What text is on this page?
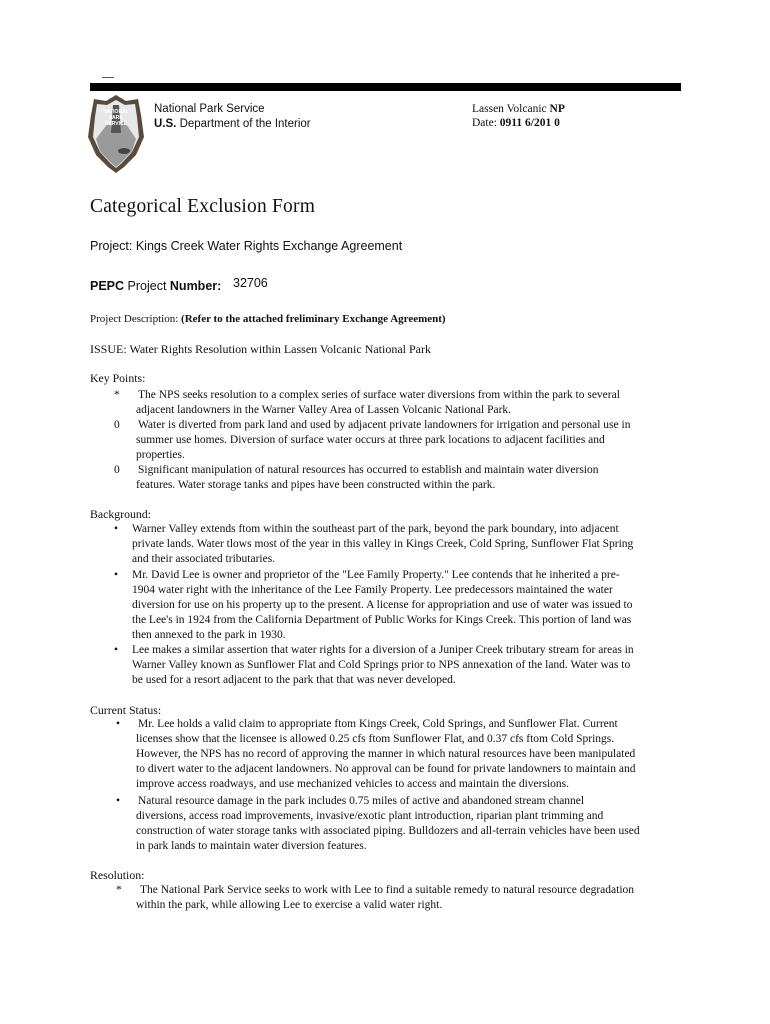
NATIONAL
PARK
SERVICE
National Park Service
U.S. Department of the Interior
Lassen Volcanic NP
Date: 0911 6/201 0
Categorical Exclusion Form
Project: Kings Creek Water Rights Exchange Agreement
PEPC Project Number: 32706
Project Description: (Refer to the attached freliminary Exchange Agreement)
ISSUE: Water Rights Resolution within Lassen Volcanic National Park
Key Points:
* The NPS seeks resolution to a complex series of surface water diversions from within the park to several
adjacent landowners in the Warner Valley Area of Lassen Volcanic National Park.
0 Water is diverted from park land and used by adjacent private landowners for irrigation and personal use in
summer use homes. Diversion of surface water occurs at three park locations to adjacent facilities and
properties.
0 Significant manipulation of natural resources has occurred to establish and maintain water diversion
features. Water storage tanks and pipes have been constructed within the park.
Background:
• Warner Valley extends ftom within the southeast part of the park, beyond the park boundary, into adjacent
private lands. Water tlows most of the year in this valley in Kings Creek, Cold Spring, Sunflower Flat Spring
and their associated tributaries.
• Mr. David Lee is owner and proprietor of the "Lee Family Property." Lee contends that he inherited a pre-
1904 water right with the inheritance of the Lee Family Property. Lee predecessors maintained the water
diversion for use on his property up to the present. A license for appropriation and use of water was issued to
the Lee's in 1924 from the California Department of Public Works for Kings Creek. This portion of land was
then annexed to the park in 1930.
• Lee makes a similar assertion that water rights for a diversion of a Juniper Creek tributary stream for areas in
Warner Valley known as Sunflower Flat and Cold Springs prior to NPS annexation of the land. Water was to
be used for a resort adjacent to the park that that was never developed.
Current Status:
• Mr. Lee holds a valid claim to appropriate ftom Kings Creek, Cold Springs, and Sunflower Flat. Current
licenses show that the licensee is allowed 0.25 cfs ftom Sunflower Flat, and 0.37 cfs ftom Cold Springs.
However, the NPS has no record of approving the manner in which natural resources have been manipulated
to divert water to the adjacent landowners. No approval can be found for private landowners to maintain and
improve access roadways, and use mechanized vehicles to access and maintain the diversions.
• Natural resource damage in the park includes 0.75 miles of active and abandoned stream channel
diversions, access road improvements, invasive/exotic plant introduction, riparian plant trimming and
construction of water storage tanks with associated piping. Bulldozers and all-terrain vehicles have been used
in park lands to maintain water diversion features.
Resolution:
* The National Park Service seeks to work with Lee to find a suitable remedy to natural resource degradation
within the park, while allowing Lee to exercise a valid water right.
